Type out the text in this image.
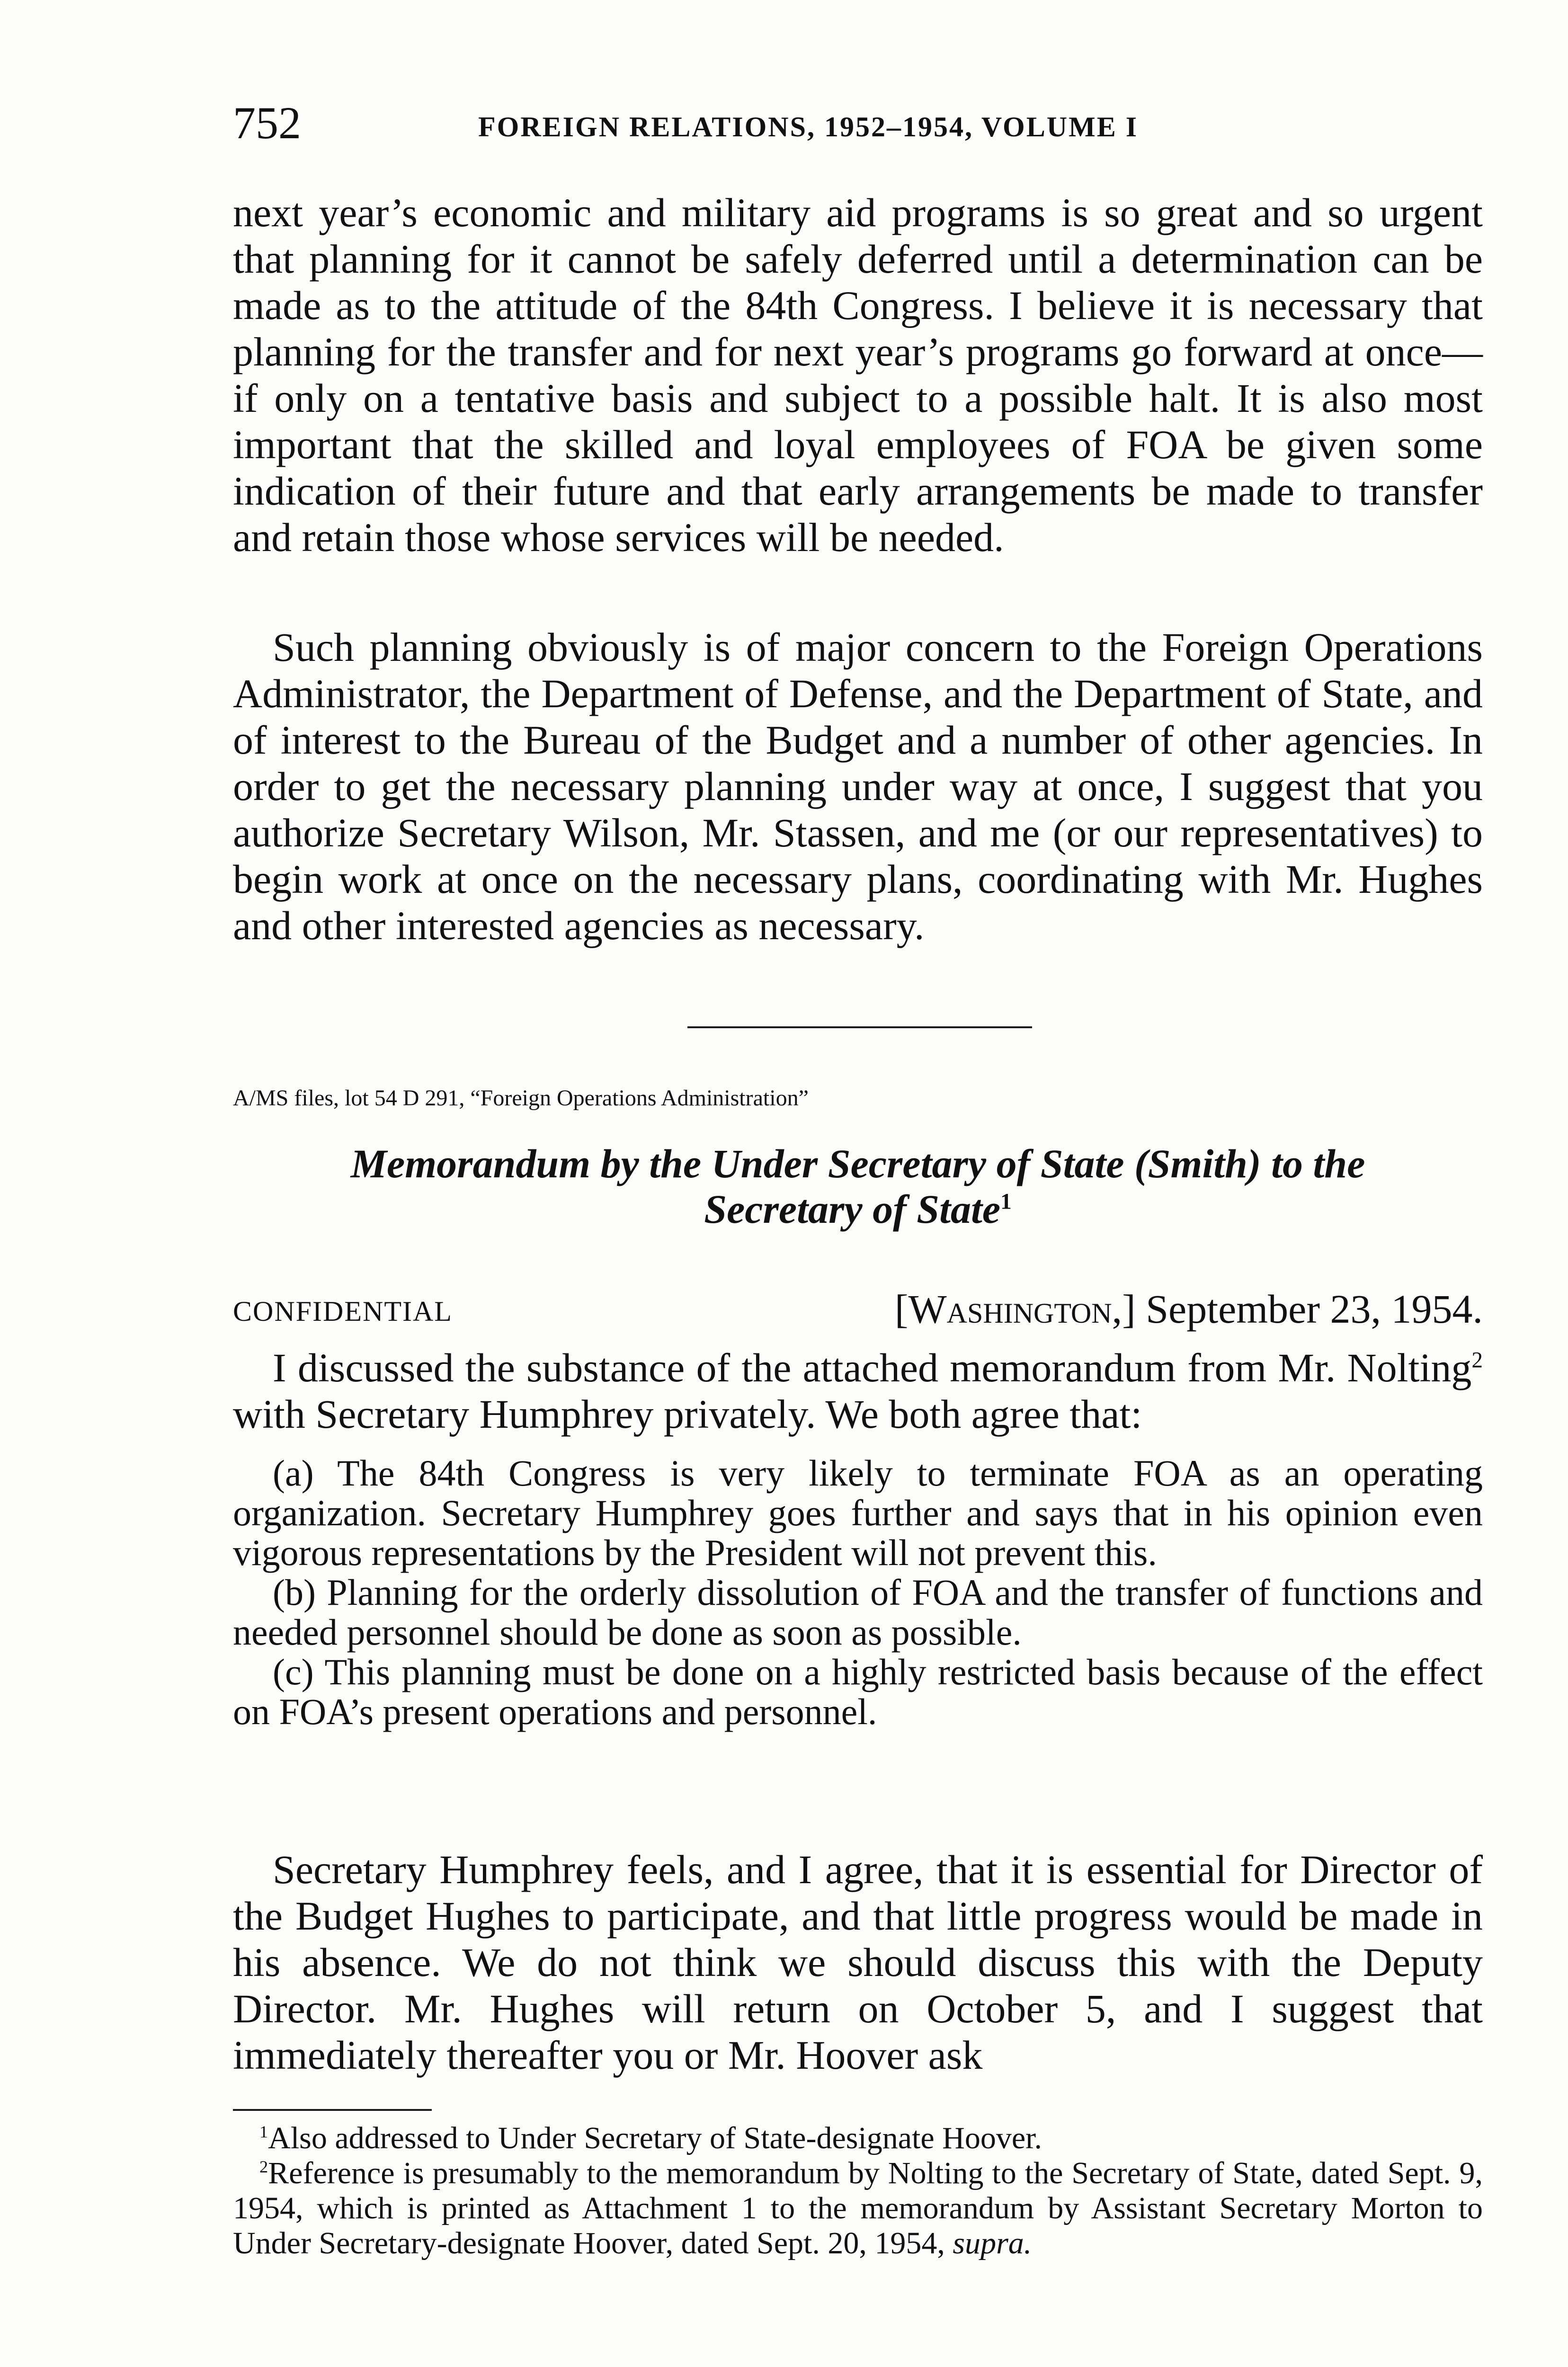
752	FOREIGN RELATIONS, 1952–1954, VOLUME I

next year’s economic and military aid programs is so great and so urgent that planning for it cannot be safely deferred until a determination can be made as to the attitude of the 84th Congress. I believe it is necessary that planning for the transfer and for next year’s programs go forward at once—if only on a tentative basis and subject to a possible halt. It is also most important that the skilled and loyal employees of FOA be given some indication of their future and that early arrangements be made to transfer and retain those whose services will be needed.

Such planning obviously is of major concern to the Foreign Operations Administrator, the Department of Defense, and the Department of State, and of interest to the Bureau of the Budget and a number of other agencies. In order to get the necessary planning under way at once, I suggest that you authorize Secretary Wilson, Mr. Stassen, and me (or our representatives) to begin work at once on the necessary plans, coordinating with Mr. Hughes and other interested agencies as necessary.

A/MS files, lot 54 D 291, “Foreign Operations Administration”
Memorandum by the Under Secretary of State (Smith) to the
Secretary of State$^1$
CONFIDENTIAL	[Washington,] September 23, 1954.

I discussed the substance of the attached memorandum from Mr. Nolting$^2$ with Secretary Humphrey privately. We both agree that:

(a) The 84th Congress is very likely to terminate FOA as an operating organization. Secretary Humphrey goes further and says that in his opinion even vigorous representations by the President will not prevent this.

(b) Planning for the orderly dissolution of FOA and the transfer of functions and needed personnel should be done as soon as possible.

(c) This planning must be done on a highly restricted basis because of the effect on FOA’s present operations and personnel.

Secretary Humphrey feels, and I agree, that it is essential for Director of the Budget Hughes to participate, and that little progress would be made in his absence. We do not think we should discuss this with the Deputy Director. Mr. Hughes will return on October 5, and I suggest that immediately thereafter you or Mr. Hoover ask

$^1$Also addressed to Under Secretary of State-designate Hoover.

$^2$Reference is presumably to the memorandum by Nolting to the Secretary of State, dated Sept. 9, 1954, which is printed as Attachment 1 to the memorandum by Assistant Secretary Morton to Under Secretary-designate Hoover, dated Sept. 20, 1954, supra.
